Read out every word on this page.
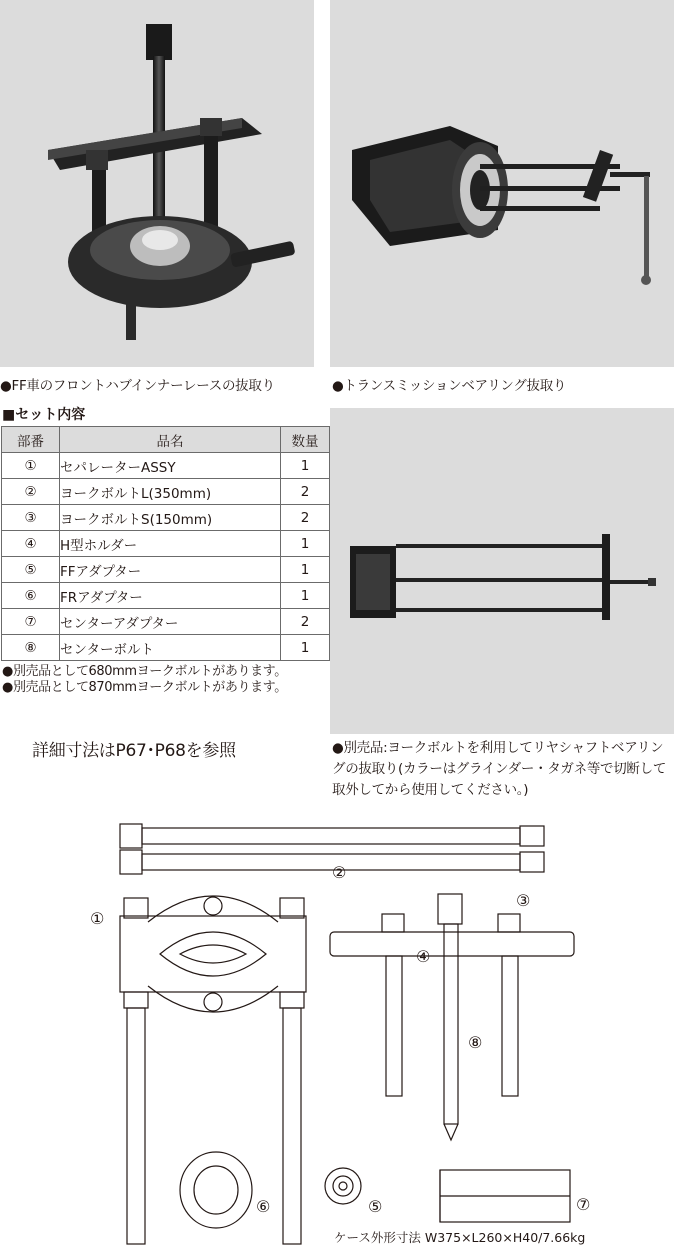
●FF車のフロントハブインナーレースの抜取り	●トランスミッションベアリング抜取り
■セット内容
部番	品名	数量
①	セパレーターASSY	1
②	ヨークボルトL(350mm)	2
③	ヨークボルトS(150mm)	2
④	H型ホルダー	1
⑤	FFアダプター	1
⑥	FRアダプター	1
⑦	センターアダプター	2
⑧	センターボルト	1
●別売品として680mmヨークボルトがあります。
●別売品として870mmヨークボルトがあります。
詳細寸法はP67･P68を参照	●別売品:ヨークボルトを利用してリヤシャフトベアリングの抜取り(カラーはグラインダー・タガネ等で切断して取外してから使用してください。)
①
②
③
④
⑤
⑥	⑦
⑧
ケース外形寸法 W375×L260×H40/7.66kg
